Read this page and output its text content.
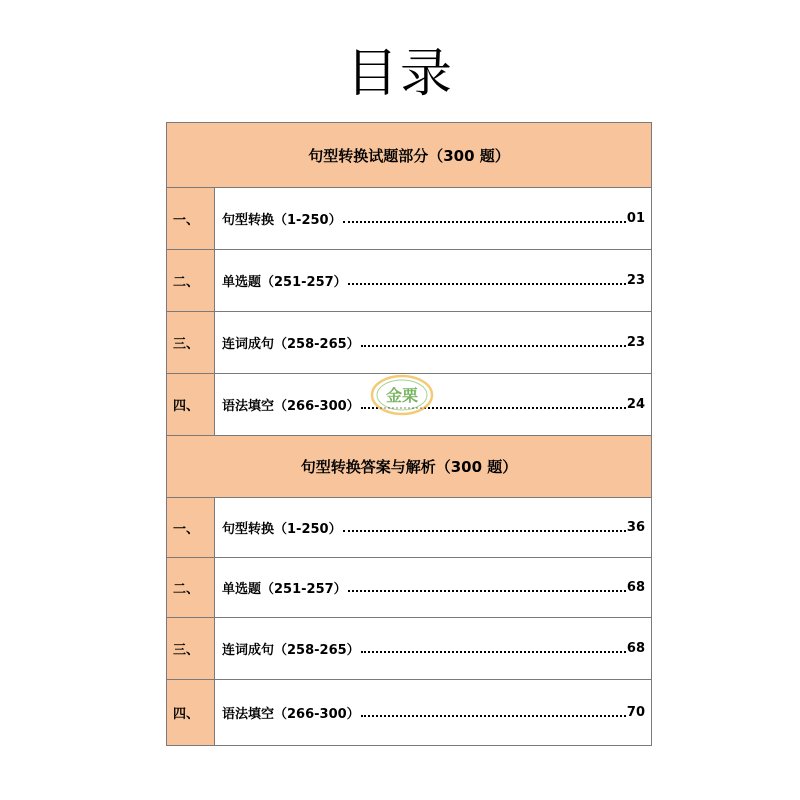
目录
句型转换试题部分（300 题）
一、	句型转换（1-250）	01
二、	单选题（251-257）	23
三、	连词成句（258-265）	23
四、	语法填空（266-300）	24
句型转换答案与解析（300 题）
一、	句型转换（1-250）	36
二、	单选题（251-257）	68
三、	连词成句（258-265）	68
四、	语法填空（266-300）	70
金栗
